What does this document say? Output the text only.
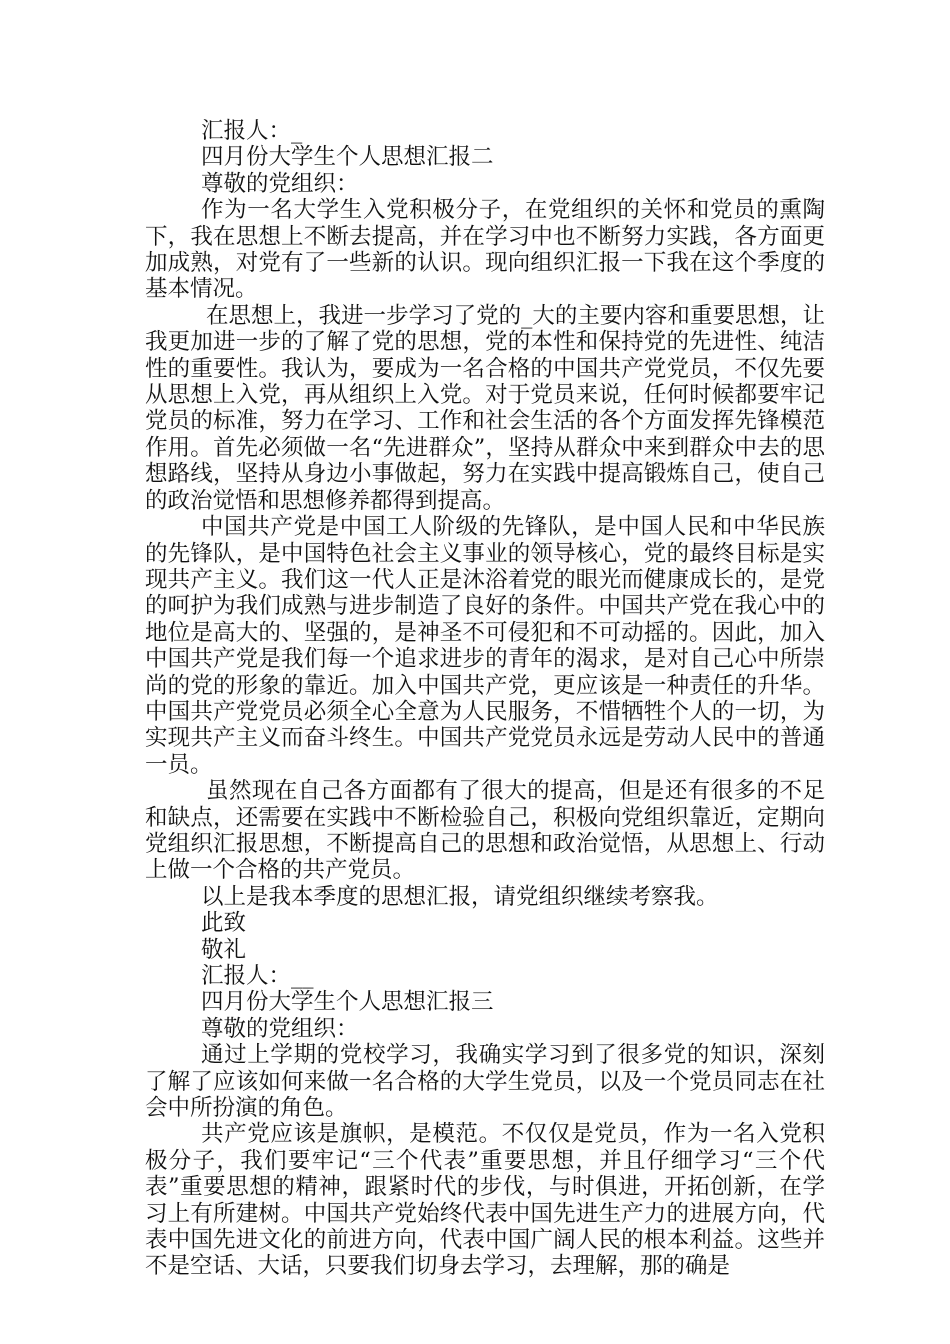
汇报人：_

四月份大学生个人思想汇报二

尊敬的党组织：

作为一名大学生入党积极分子，在党组织的关怀和党员的熏陶下，我在思想上不断去提高，并在学习中也不断努力实践，各方面更加成熟，对党有了一些新的认识。现向组织汇报一下我在这个季度的基本情况。

在思想上，我进一步学习了党的_大的主要内容和重要思想，让我更加进一步的了解了党的思想，党的本性和保持党的先进性、纯洁性的重要性。我认为，要成为一名合格的中国共产党党员，不仅先要从思想上入党，再从组织上入党。对于党员来说，任何时候都要牢记党员的标准，努力在学习、工作和社会生活的各个方面发挥先锋模范作用。首先必须做一名“先进群众”，坚持从群众中来到群众中去的思想路线，坚持从身边小事做起，努力在实践中提高锻炼自己，使自己的政治觉悟和思想修养都得到提高。

中国共产党是中国工人阶级的先锋队，是中国人民和中华民族的先锋队，是中国特色社会主义事业的领导核心，党的最终目标是实现共产主义。我们这一代人正是沐浴着党的眼光而健康成长的，是党的呵护为我们成熟与进步制造了良好的条件。中国共产党在我心中的地位是高大的、坚强的，是神圣不可侵犯和不可动摇的。因此，加入中国共产党是我们每一个追求进步的青年的渴求，是对自己心中所崇尚的党的形象的靠近。加入中国共产党，更应该是一种责任的升华。中国共产党党员必须全心全意为人民服务，不惜牺牲个人的一切，为实现共产主义而奋斗终生。中国共产党党员永远是劳动人民中的普通一员。

虽然现在自己各方面都有了很大的提高，但是还有很多的不足和缺点，还需要在实践中不断检验自己，积极向党组织靠近，定期向党组织汇报思想，不断提高自己的思想和政治觉悟，从思想上、行动上做一个合格的共产党员。

以上是我本季度的思想汇报，请党组织继续考察我。

此致

敬礼

汇报人：__

四月份大学生个人思想汇报三

尊敬的党组织：

通过上学期的党校学习，我确实学习到了很多党的知识，深刻了解了应该如何来做一名合格的大学生党员，以及一个党员同志在社会中所扮演的角色。

共产党应该是旗帜，是模范。不仅仅是党员，作为一名入党积极分子，我们要牢记“三个代表”重要思想，并且仔细学习“三个代表”重要思想的精神，跟紧时代的步伐，与时俱进，开拓创新，在学习上有所建树。中国共产党始终代表中国先进生产力的进展方向，代表中国先进文化的前进方向，代表中国广阔人民的根本利益。这些并不是空话、大话，只要我们切身去学习，去理解，那的确是
